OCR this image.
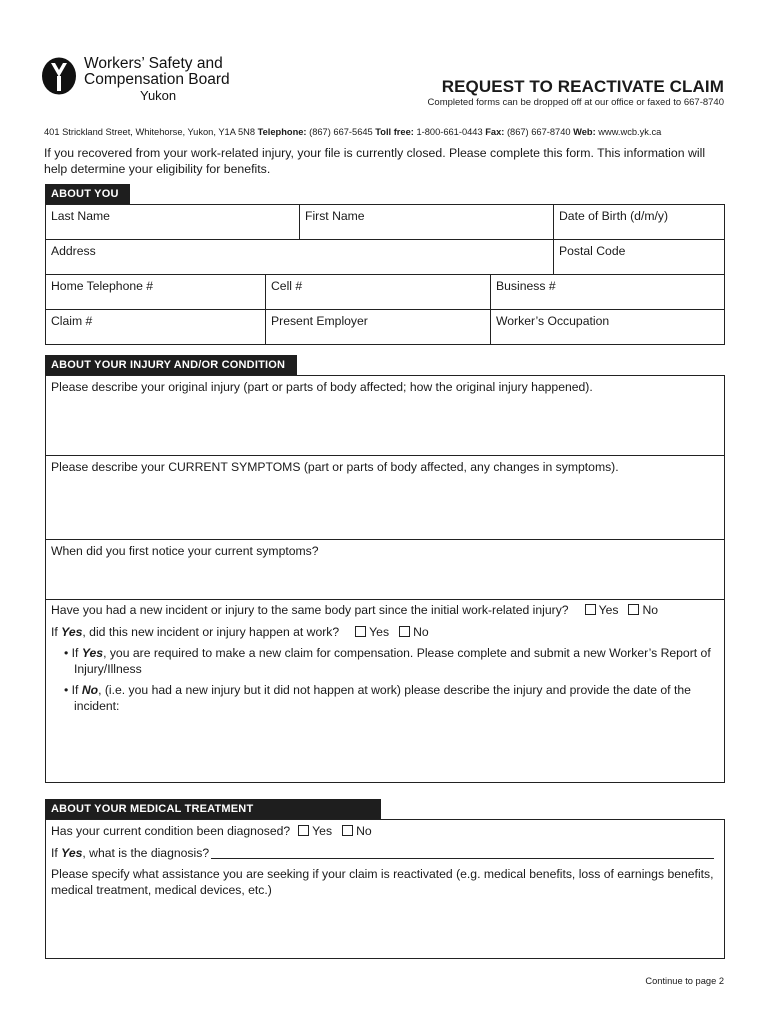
Workers’ Safety and
Compensation Board
Yukon	REQUEST TO REACTIVATE CLAIM
Completed forms can be dropped off at our office or faxed to 667-8740
401 Strickland Street, Whitehorse, Yukon, Y1A 5N8 Telephone: (867) 667-5645 Toll free: 1-800-661-0443 Fax: (867) 667-8740 Web: www.wcb.yk.ca
If you recovered from your work-related injury, your file is currently closed. Please complete this form. This information will help determine your eligibility for benefits.
ABOUT YOU
Last Name	First Name	Date of Birth (d/m/y)
Address	Postal Code
Home Telephone #	Cell #	Business #
Claim #	Present Employer	Worker’s Occupation
ABOUT YOUR INJURY AND/OR CONDITION
Please describe your original injury (part or parts of body affected; how the original injury happened).
Please describe your CURRENT SYMPTOMS (part or parts of body affected, any changes in symptoms).
When did you first notice your current symptoms?
Have you had a new incident or injury to the same body part since the initial work-related injury? Yes No
If Yes, did this new incident or injury happen at work? Yes No
• If Yes, you are required to make a new claim for compensation. Please complete and submit a new Worker’s Report of Injury/Illness
• If No, (i.e. you had a new injury but it did not happen at work) please describe the injury and provide the date of the incident:
ABOUT YOUR MEDICAL TREATMENT
Has your current condition been diagnosed? Yes No
If Yes, what is the diagnosis?
Please specify what assistance you are seeking if your claim is reactivated (e.g. medical benefits, loss of earnings benefits, medical treatment, medical devices, etc.)
Continue to page 2
